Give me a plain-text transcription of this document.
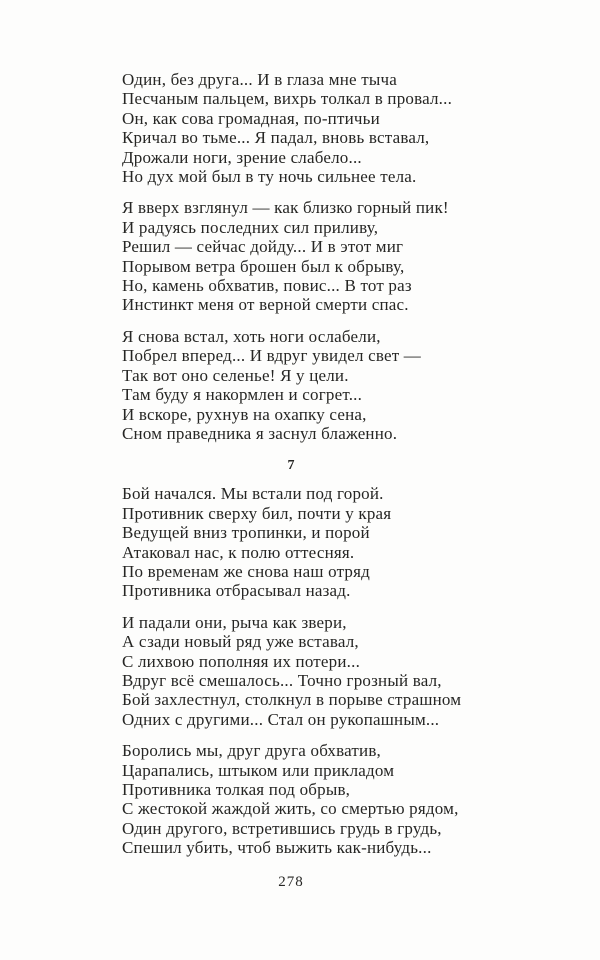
Один, без друга... И в глаза мне тыча
Песчаным пальцем, вихрь толкал в провал...
Он, как сова громадная, по-птичьи
Кричал во тьме... Я падал, вновь вставал,
Дрожали ноги, зрение слабело...
Но дух мой был в ту ночь сильнее тела.
Я вверх взглянул — как близко горный пик!
И радуясь последних сил приливу,
Решил — сейчас дойду... И в этот миг
Порывом ветра брошен был к обрыву,
Но, камень обхватив, повис... В тот раз
Инстинкт меня от верной смерти спас.
Я снова встал, хоть ноги ослабели,
Побрел вперед... И вдруг увидел свет —
Так вот оно селенье! Я у цели.
Там буду я накормлен и согрет...
И вскоре, рухнув на охапку сена,
Сном праведника я заснул блаженно.
7
Бой начался. Мы встали под горой.
Противник сверху бил, почти у края
Ведущей вниз тропинки, и порой
Атаковал нас, к полю оттесняя.
По временам же снова наш отряд
Противника отбрасывал назад.
И падали они, рыча как звери,
А сзади новый ряд уже вставал,
С лихвою пополняя их потери...
Вдруг всё смешалось... Точно грозный вал,
Бой захлестнул, столкнул в порыве страшном
Одних с другими... Стал он рукопашным...
Боролись мы, друг друга обхватив,
Царапались, штыком или прикладом
Противника толкая под обрыв,
С жестокой жаждой жить, со смертью рядом,
Один другого, встретившись грудь в грудь,
Спешил убить, чтоб выжить как-нибудь...
278
